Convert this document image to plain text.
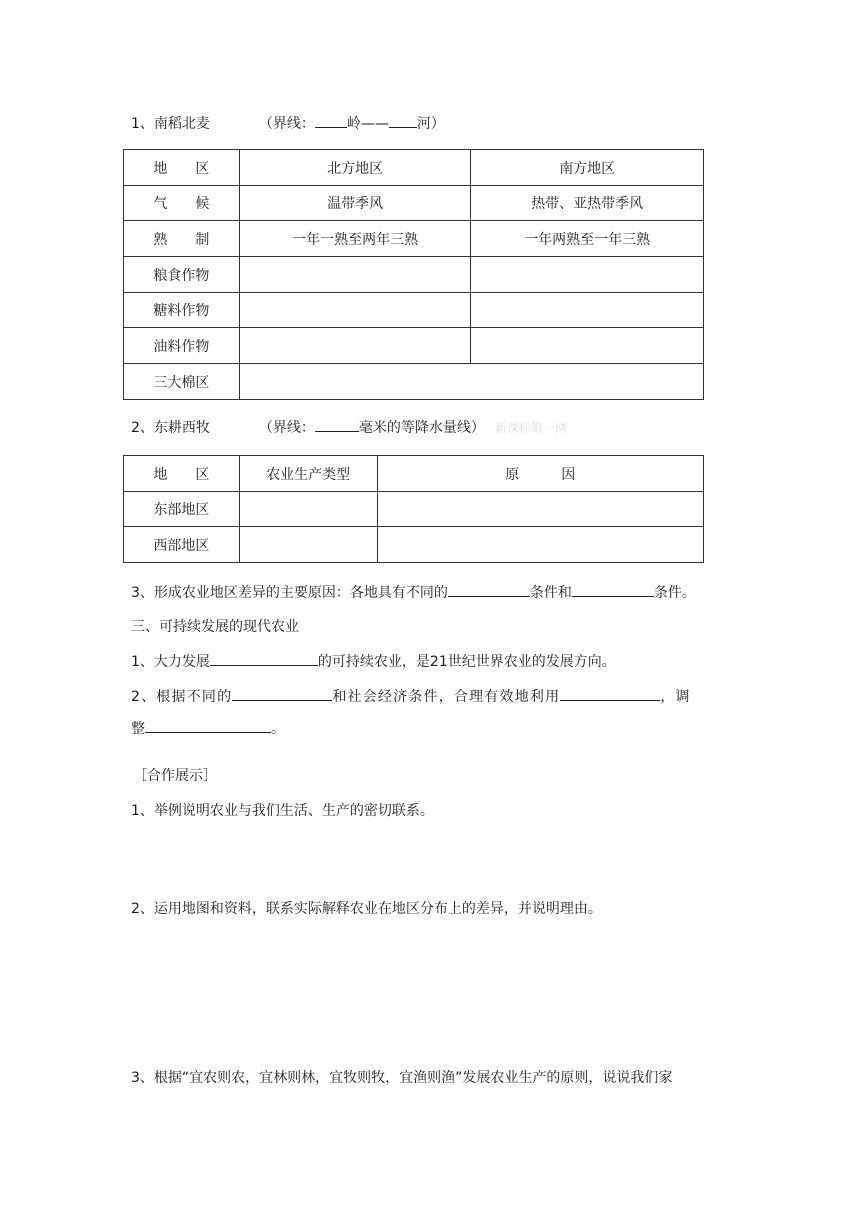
1、南稻北麦	（界线： 岭—— 河）
地　　区	北方地区	南方地区
气　　候	温带季风	热带、亚热带季风
熟　　制	一年一熟至两年三熟	一年两熟至一年三熟
粮食作物		
糖料作物		
油料作物		
三大棉区		
2、东耕西牧	（界线：	毫米的等降水量线） 新课标第一网
地　　区	农业生产类型	原　　　因
东部地区		
西部地区		
3、形成农业地区差异的主要原因：各地具有不同的	条件和	条件。
三、可持续发展的现代农业
1、大力发展	的可持续农业，是21世纪世界农业的发展方向。
2、根据不同的	和社会经济条件，合理有效地利用	，调
整	。
［合作展示］
1、举例说明农业与我们生活、生产的密切联系。
2、运用地图和资料，联系实际解释农业在地区分布上的差异，并说明理由。
3、根据“宜农则农，宜林则林，宜牧则牧，宜渔则渔”发展农业生产的原则，说说我们家
